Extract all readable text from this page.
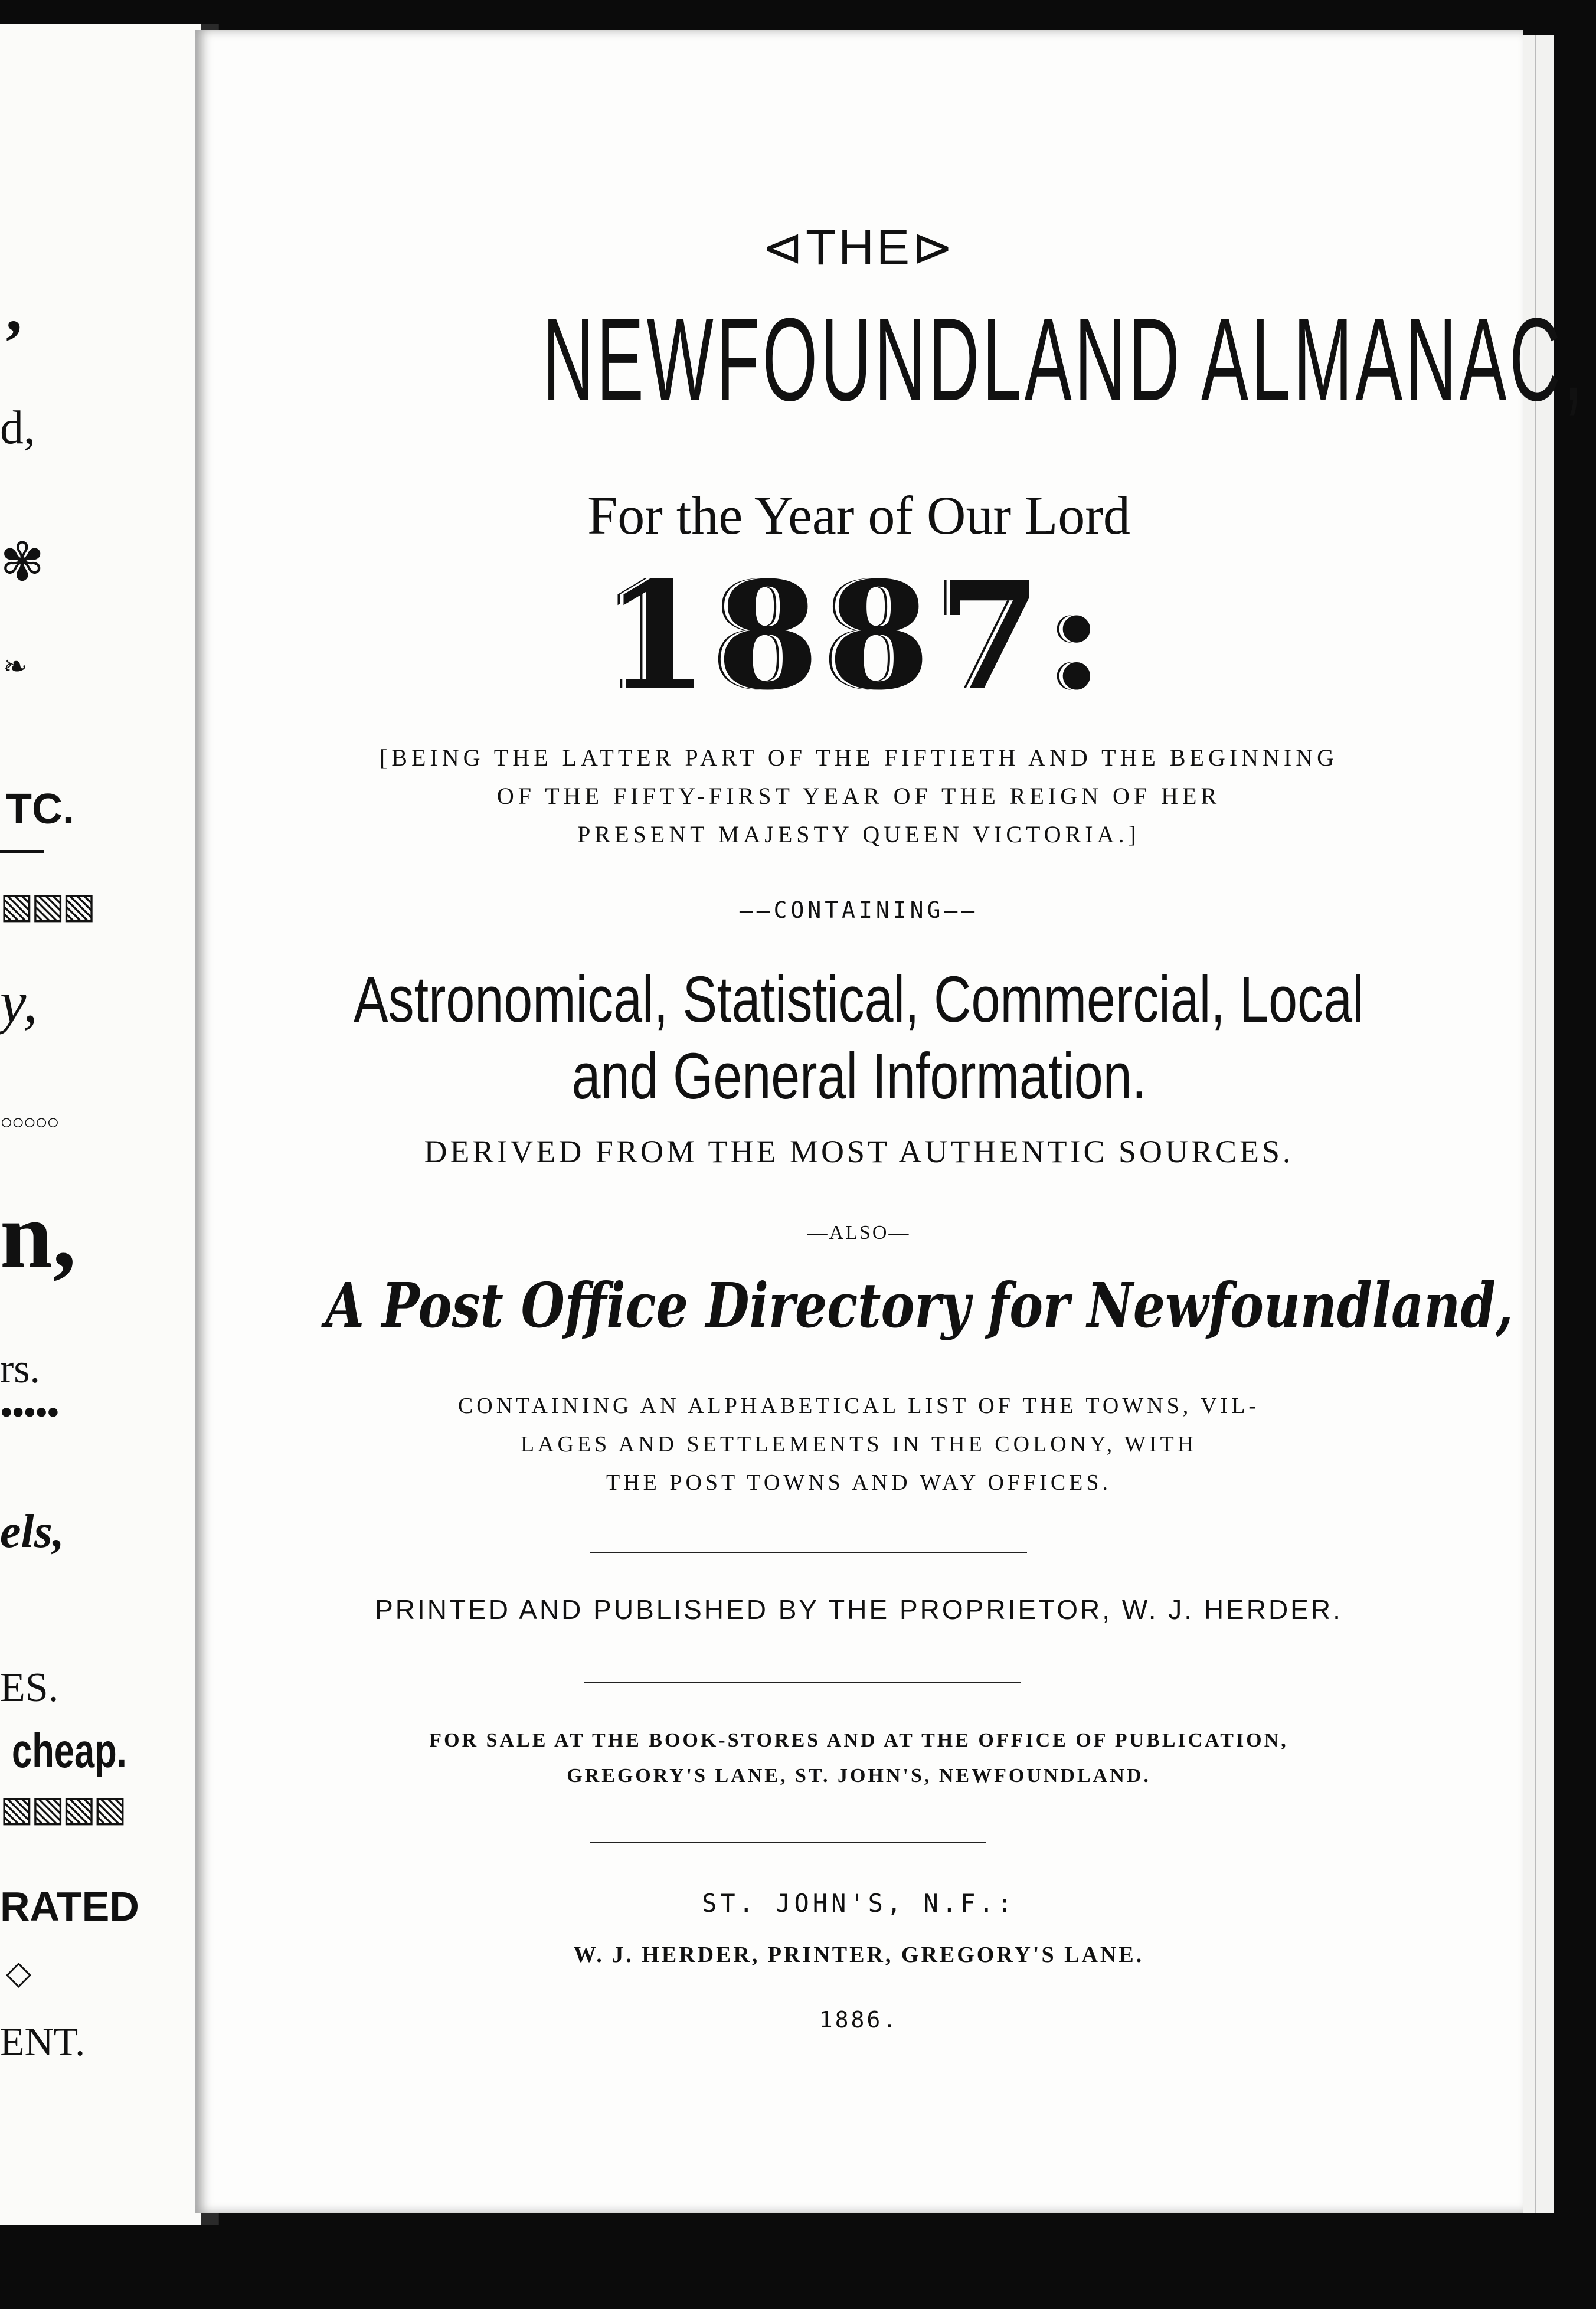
,
d,
✾
❧
TC.
▧▧▧
y,
○○○○○
n,
rs.
●●●●●
els,
ES.
cheap.
▧▧▧▧
RATED
◇
ENT.
⊲THE⊳
NEWFOUNDLAND ALMANAC,
For the Year of Our Lord
1887:
[BEING THE LATTER PART OF THE FIFTIETH AND THE BEGINNING
OF THE FIFTY-FIRST YEAR OF THE REIGN OF HER
PRESENT MAJESTY QUEEN VICTORIA.]
——CONTAINING——
Astronomical, Statistical, Commercial, Local
and General Information.
DERIVED FROM THE MOST AUTHENTIC SOURCES.
—ALSO—
A Post Office Directory for Newfoundland,
CONTAINING AN ALPHABETICAL LIST OF THE TOWNS, VIL-
LAGES AND SETTLEMENTS IN THE COLONY, WITH
THE POST TOWNS AND WAY OFFICES.
PRINTED AND PUBLISHED BY THE PROPRIETOR, W. J. HERDER.
FOR SALE AT THE BOOK-STORES AND AT THE OFFICE OF PUBLICATION,
GREGORY'S LANE, ST. JOHN'S, NEWFOUNDLAND.
ST. JOHN'S, N.F.:
W. J. HERDER, PRINTER, GREGORY'S LANE.
1886.
